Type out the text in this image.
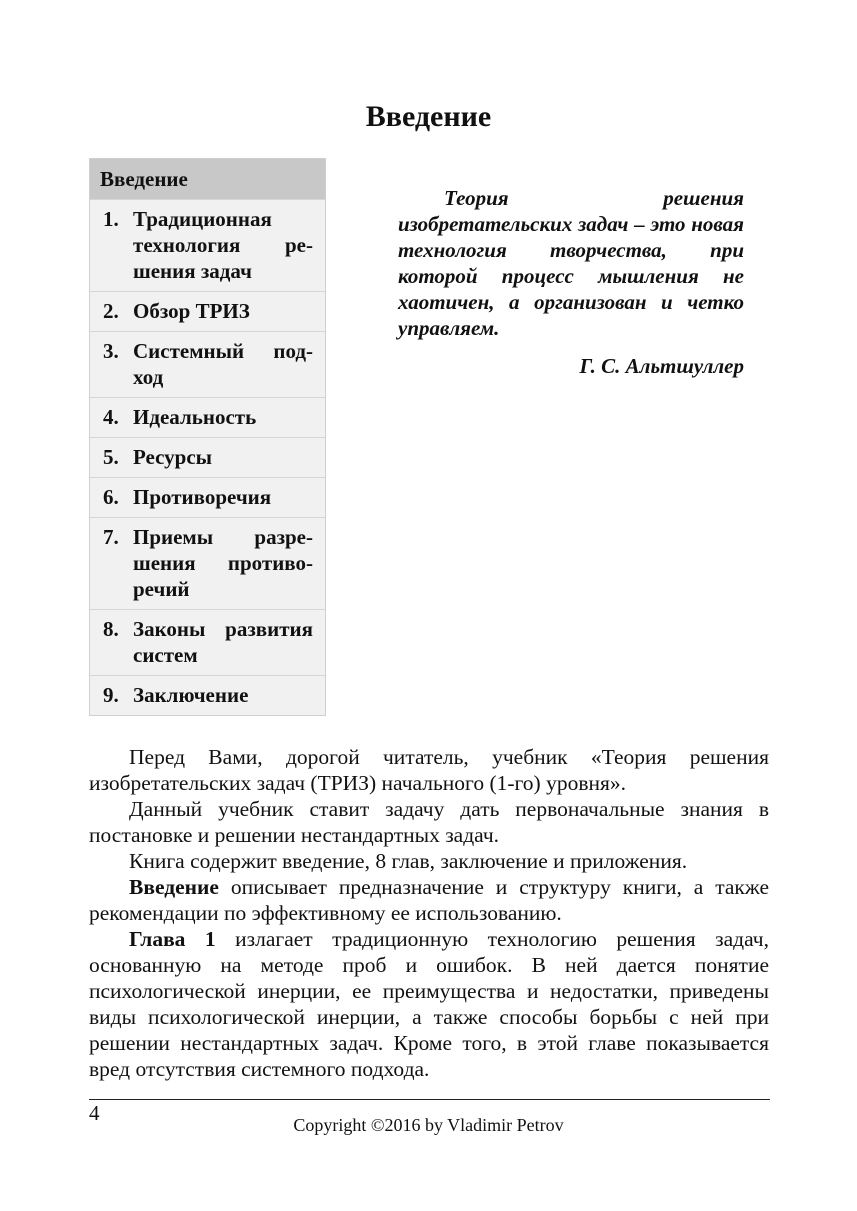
Введение
Введение
1. Традиционная технология ре-шения задач
2. Обзор ТРИЗ
3. Системный под-ход
4. Идеальность
5. Ресурсы
6. Противоречия
7. Приемы разре-шения противо-речий
8. Законы развития систем
9. Заключение
Теория решения изобретательских задач – это новая технология творчества, при которой процесс мышления не хаотичен, а организован и четко управляем.
Г. С. Альтшуллер

Перед Вами, дорогой читатель, учебник «Теория решения изобретательских задач (ТРИЗ) начального (1-го) уровня».

Данный учебник ставит задачу дать первоначальные знания в постановке и решении нестандартных задач.

Книга содержит введение, 8 глав, заключение и приложения.

Введение описывает предназначение и структуру книги, а также рекомендации по эффективному ее использованию.

Глава 1 излагает традиционную технологию решения задач, основанную на методе проб и ошибок. В ней дается понятие психологической инерции, ее преимущества и недостатки, приведены виды психологической инерции, а также способы борьбы с ней при решении нестандартных задач. Кроме того, в этой главе показывается вред отсутствия системного подхода.

4	Copyright ©2016 by Vladimir Petrov
